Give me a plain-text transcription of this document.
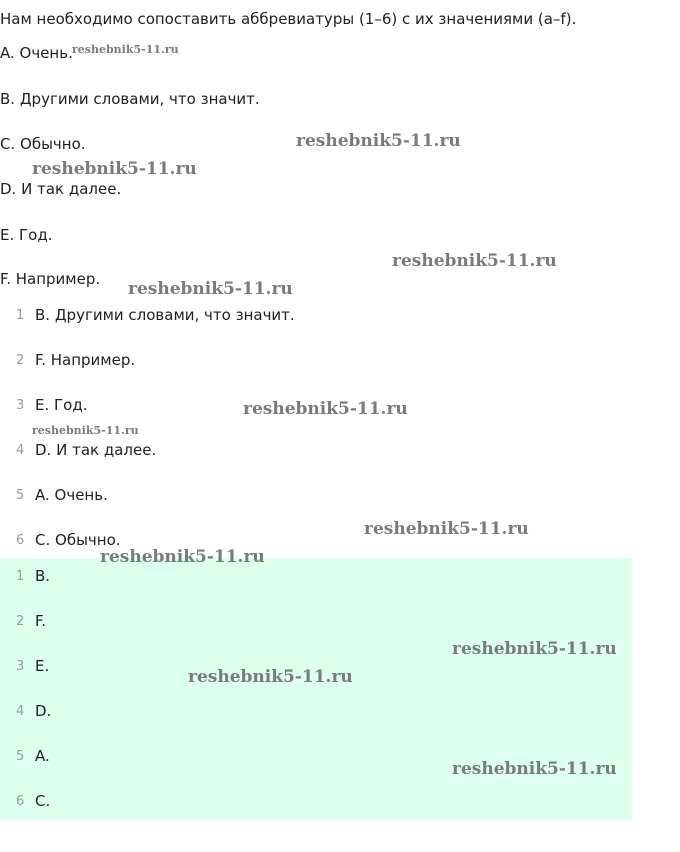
Нам необходимо сопоставить аббревиатуры (1–6) с их значениями (a–f).
A. Очень.
B. Другими словами, что значит.
C. Обычно.
D. И так далее.
E. Год.
F. Например.
1 B. Другими словами, что значит.
2 F. Например.
3 E. Год.
4 D. И так далее.
5 A. Очень.
6 C. Обычно.
1 B.
2 F.
3 E.
4 D.
5 A.
6 C.
reshebnik5-11.ru
reshebnik5-11.ru
reshebnik5-11.ru
reshebnik5-11.ru
reshebnik5-11.ru
reshebnik5-11.ru
reshebnik5-11.ru
reshebnik5-11.ru
reshebnik5-11.ru
reshebnik5-11.ru
reshebnik5-11.ru
reshebnik5-11.ru
